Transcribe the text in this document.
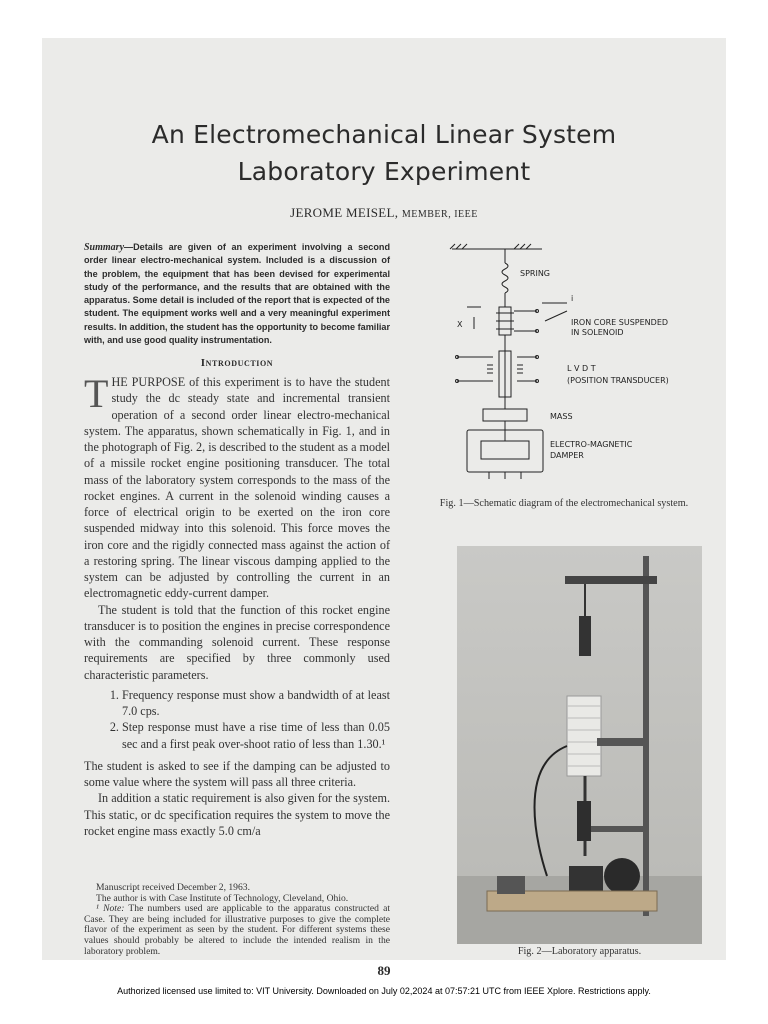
An Electromechanical Linear System
Laboratory Experiment
JEROME MEISEL, MEMBER, IEEE

Summary—Details are given of an experiment involving a second order linear electro-mechanical system. Included is a discussion of the problem, the equipment that has been devised for experimental study of the performance, and the results that are obtained with the apparatus. Some detail is included of the report that is expected of the student. The equipment works well and a very meaningful experiment results. In addition, the student has the opportunity to become familiar with, and use good quality instrumentation.

Introduction

THE PURPOSE of this experiment is to have the student study the dc steady state and incremental transient operation of a second order linear electro-mechanical system. The apparatus, shown schematically in Fig. 1, and in the photograph of Fig. 2, is described to the student as a model of a missile rocket engine positioning transducer. The total mass of the laboratory system corresponds to the mass of the rocket engines. A current in the solenoid winding causes a force of electrical origin to be exerted on the iron core suspended midway into this solenoid. This force moves the iron core and the rigidly connected mass against the action of a restoring spring. The linear viscous damping applied to the system can be adjusted by controlling the current in an electromagnetic eddy-current damper.

The student is told that the function of this rocket engine transducer is to position the engines in precise correspondence with the commanding solenoid current. These response requirements are specified by three commonly used characteristic parameters.

1. Frequency response must show a bandwidth of at least 7.0 cps.
2. Step response must have a rise time of less than 0.05 sec and a first peak over-shoot ratio of less than 1.30.¹

The student is asked to see if the damping can be adjusted to some value where the system will pass all three criteria.

In addition a static requirement is also given for the system. This static, or dc specification requires the system to move the rocket engine mass exactly 5.0 cm/a

Manuscript received December 2, 1963.

The author is with Case Institute of Technology, Cleveland, Ohio.

¹ Note: The numbers used are applicable to the apparatus constructed at Case. They are being included for illustrative purposes to give the complete flavor of the experiment as seen by the student. For different systems these values should probably be altered to include the intended realism in the laboratory problem.

SPRING
i
IRON CORE SUSPENDED
IN SOLENOID
X
L V D T
(POSITION TRANSDUCER)
MASS
ELECTRO-MAGNETIC
DAMPER

Fig. 1—Schematic diagram of the electromechanical system.

Fig. 2—Laboratory apparatus.

89
Authorized licensed use limited to: VIT University. Downloaded on July 02,2024 at 07:57:21 UTC from IEEE Xplore. Restrictions apply.
